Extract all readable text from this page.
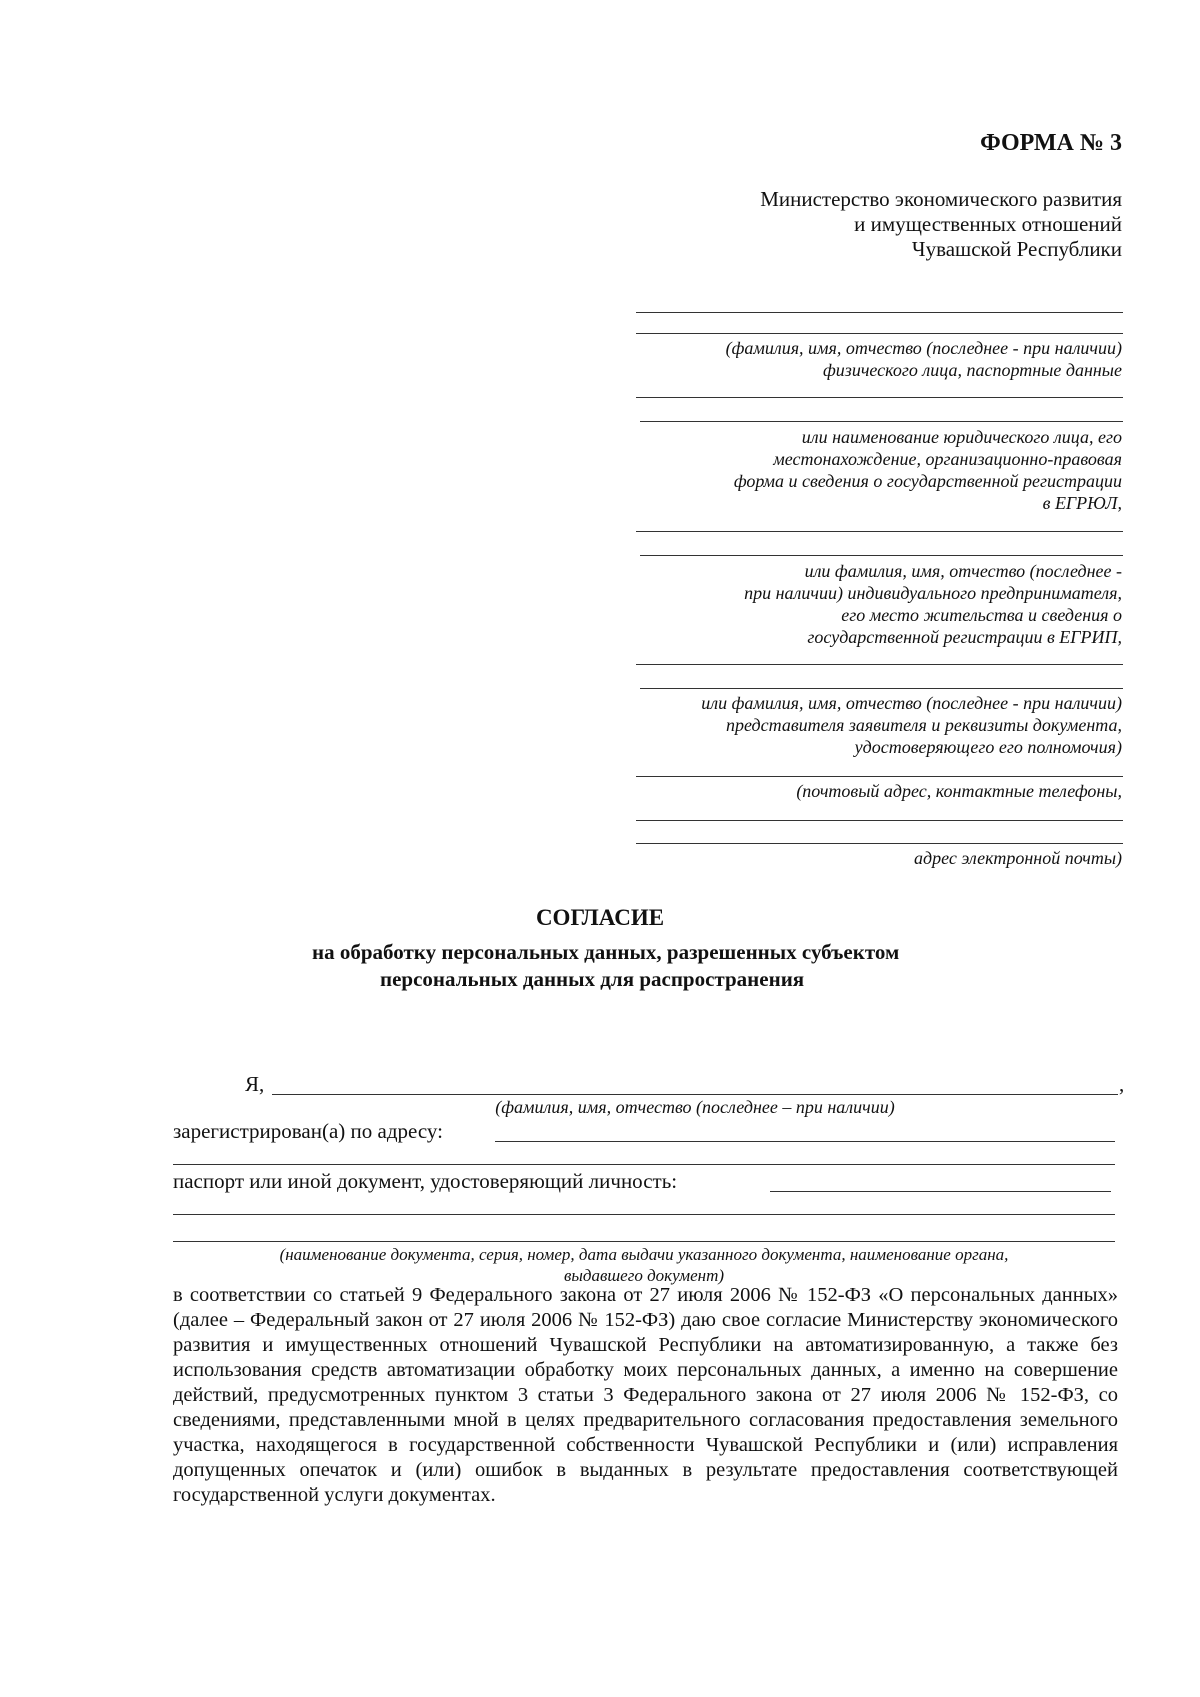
ФОРМА № 3
Министерство экономического развития
и имущественных отношений
Чувашской Республики
(фамилия, имя, отчество (последнее - при наличии)
физического лица, паспортные данные
или наименование юридического лица, его
местонахождение, организационно-правовая
форма и сведения о государственной регистрации
в ЕГРЮЛ,
или фамилия, имя, отчество (последнее -
при наличии) индивидуального предпринимателя,
его место жительства и сведения о
государственной регистрации в ЕГРИП,
или фамилия, имя, отчество (последнее - при наличии)
представителя заявителя и реквизиты документа,
удостоверяющего его полномочия)
(почтовый адрес, контактные телефоны,
адрес электронной почты)
СОГЛАСИЕ
на обработку персональных данных, разрешенных субъектом
персональных данных для распространения
Я,	,
(фамилия, имя, отчество (последнее – при наличии)
зарегистрирован(а) по адресу:
паспорт или иной документ, удостоверяющий личность:
(наименование документа, серия, номер, дата выдачи указанного документа, наименование органа,
выдавшего документ)
в соответствии со статьей 9 Федерального закона от 27 июля 2006 № 152-ФЗ «О персональных данных» (далее – Федеральный закон от 27 июля 2006 № 152-ФЗ) даю свое согласие Министерству экономического развития и имущественных отношений Чувашской Республики на автоматизированную, а также без использования средств автоматизации обработку моих персональных данных, а именно на совершение действий, предусмотренных пунктом 3 статьи 3 Федерального закона от 27 июля 2006 № 152-ФЗ, со сведениями, представленными мной в целях предварительного согласования предоставления земельного участка, находящегося в государственной собственности Чувашской Республики и (или) исправления допущенных опечаток и (или) ошибок в выданных в результате предоставления соответствующей государственной услуги документах.
